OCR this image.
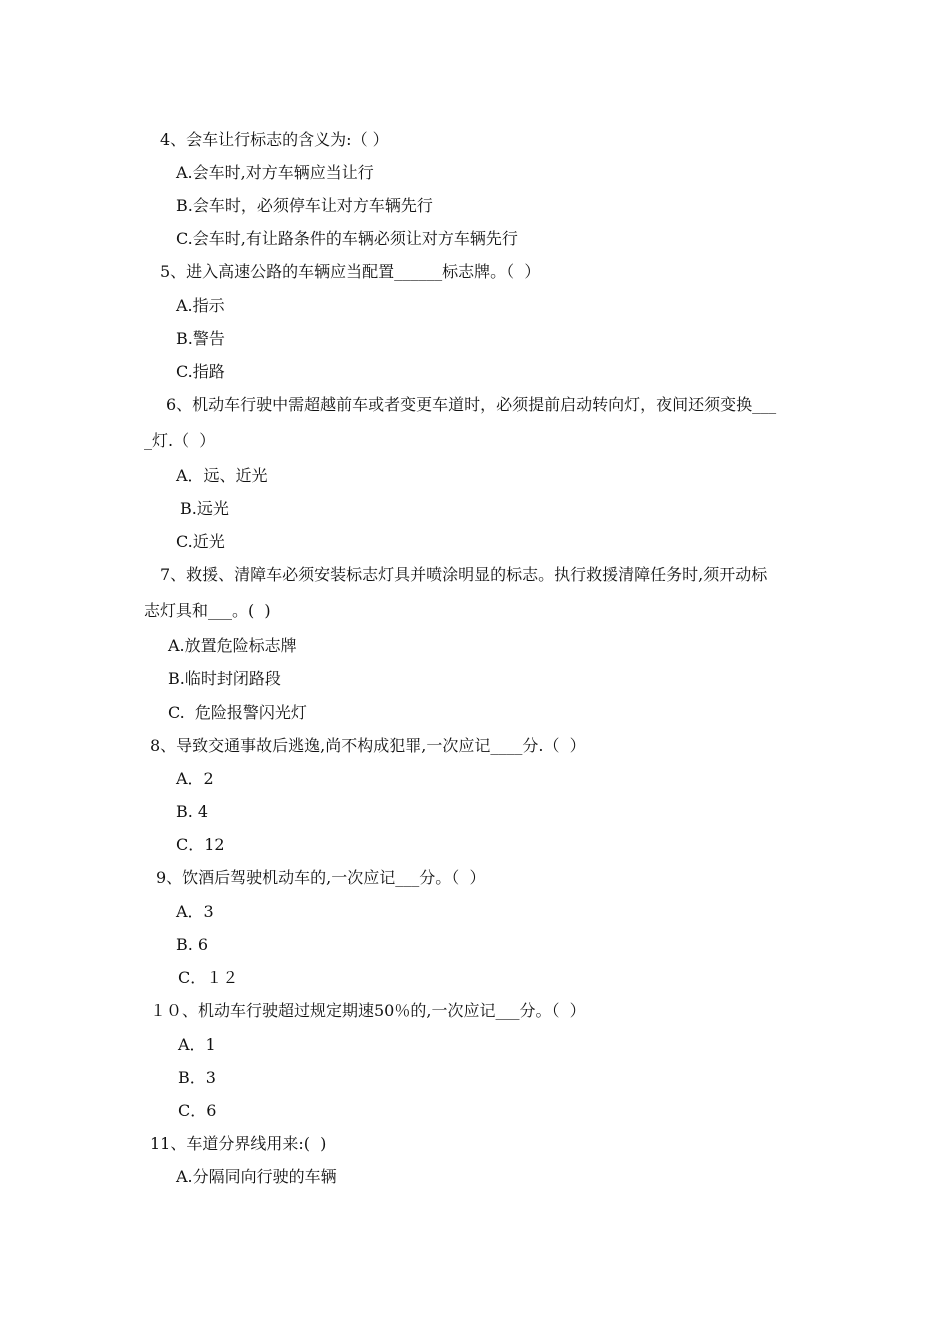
4、会车让行标志的含义为:（ ）
A.会车时,对方车辆应当让行
B.会车时，必须停车让对方车辆先行
C.会车时,有让路条件的车辆必须让对方车辆先行
5、进入高速公路的车辆应当配置______标志牌。（  ）
A.指示
B.警告
C.指路
6、机动车行驶中需超越前车或者变更车道时，必须提前启动转向灯，夜间还须变换___
_灯.（  ）
A．远、近光
B.远光
C.近光
7、救援、清障车必须安装标志灯具并喷涂明显的标志。执行救援清障任务时,须开动标
志灯具和___。(  )
A.放置危险标志牌
B.临时封闭路段
C.  危险报警闪光灯
8、导致交通事故后逃逸,尚不构成犯罪,一次应记____分.（  ）
A．2
B. 4
C．12
9、饮酒后驾驶机动车的,一次应记___分。（  ）
A．3
B. 6
C．１２
１０、机动车行驶超过规定期速50％的,一次应记___分。（  ）
A．1
B．3
C．6
11、车道分界线用来:(  )
A.分隔同向行驶的车辆
